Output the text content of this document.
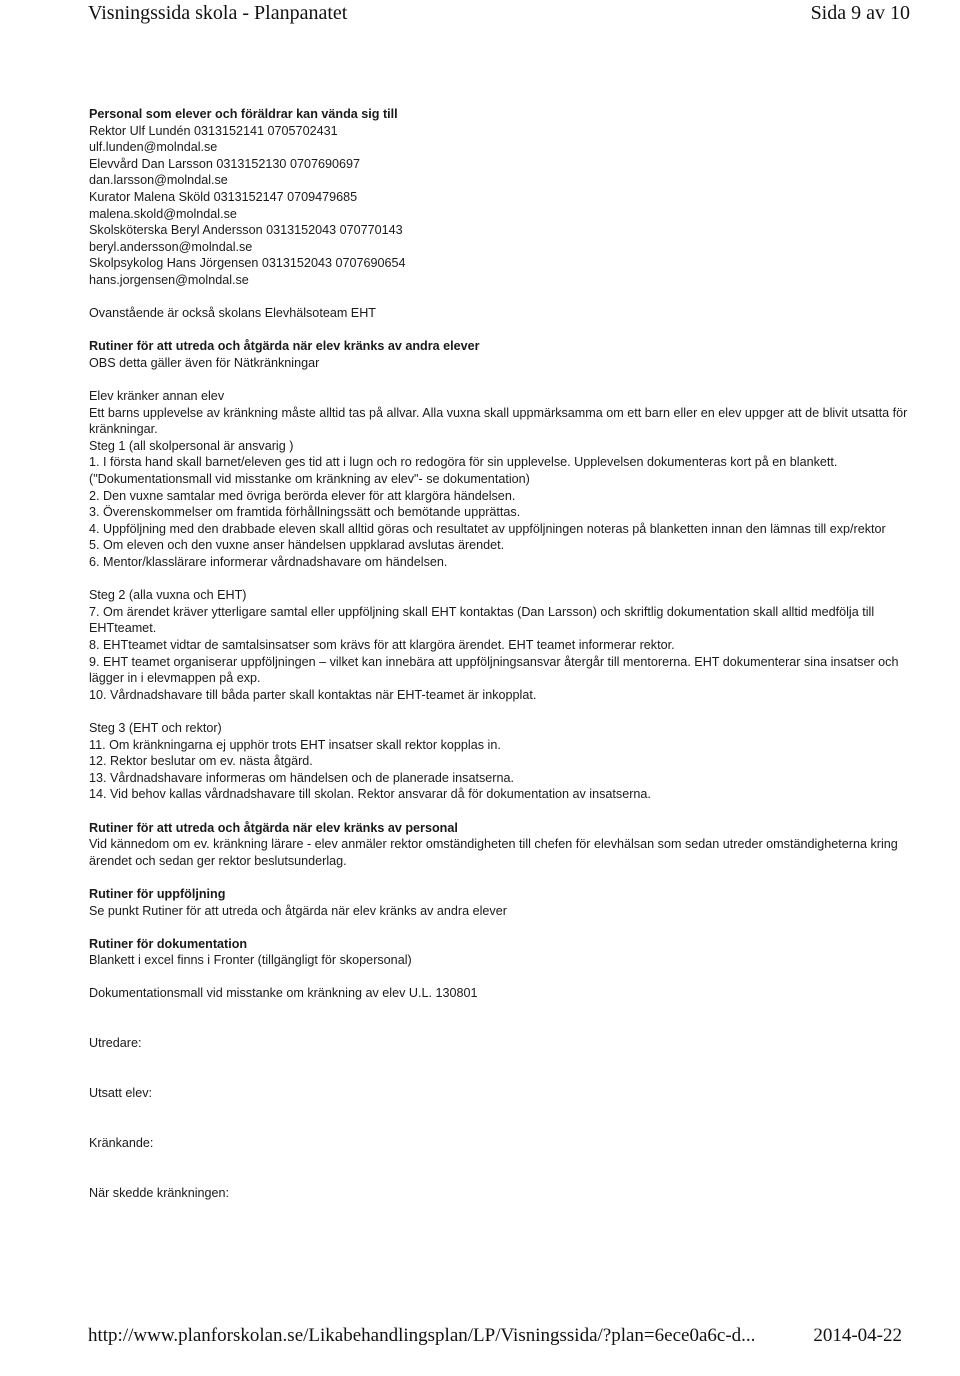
Visningssida skola - Planpanatet	Sida 9 av 10
Personal som elever och föräldrar kan vända sig till
Rektor Ulf Lundén 0313152141 0705702431
ulf.lunden@molndal.se
Elevvård Dan Larsson 0313152130 0707690697
dan.larsson@molndal.se
Kurator Malena Sköld 0313152147 0709479685
malena.skold@molndal.se
Skolsköterska Beryl Andersson 0313152043 070770143
beryl.andersson@molndal.se
Skolpsykolog Hans Jörgensen 0313152043 0707690654
hans.jorgensen@molndal.se
Ovanstående är också skolans Elevhälsoteam EHT
Rutiner för att utreda och åtgärda när elev kränks av andra elever
OBS detta gäller även för Nätkränkningar
Elev kränker annan elev
Ett barns upplevelse av kränkning måste alltid tas på allvar. Alla vuxna skall uppmärksamma om ett barn eller en elev uppger att de blivit utsatta för kränkningar.
Steg 1 (all skolpersonal är ansvarig )
1. I första hand skall barnet/eleven ges tid att i lugn och ro redogöra för sin upplevelse. Upplevelsen dokumenteras kort på en blankett. ("Dokumentationsmall vid misstanke om kränkning av elev"- se dokumentation)
2. Den vuxne samtalar med övriga berörda elever för att klargöra händelsen.
3. Överenskommelser om framtida förhållningssätt och bemötande upprättas.
4. Uppföljning med den drabbade eleven skall alltid göras och resultatet av uppföljningen noteras på blanketten innan den lämnas till exp/rektor
5. Om eleven och den vuxne anser händelsen uppklarad avslutas ärendet.
6. Mentor/klasslärare informerar vårdnadshavare om händelsen.
Steg 2 (alla vuxna och EHT)
7. Om ärendet kräver ytterligare samtal eller uppföljning skall EHT kontaktas (Dan Larsson) och skriftlig dokumentation skall alltid medfölja till EHTteamet.
8. EHTteamet vidtar de samtalsinsatser som krävs för att klargöra ärendet. EHT teamet informerar rektor.
9. EHT teamet organiserar uppföljningen – vilket kan innebära att uppföljningsansvar återgår till mentorerna. EHT dokumenterar sina insatser och lägger in i elevmappen på exp.
10. Vårdnadshavare till båda parter skall kontaktas när EHT-teamet är inkopplat.
Steg 3 (EHT och rektor)
11. Om kränkningarna ej upphör trots EHT insatser skall rektor kopplas in.
12. Rektor beslutar om ev. nästa åtgärd.
13. Vårdnadshavare informeras om händelsen och de planerade insatserna.
14. Vid behov kallas vårdnadshavare till skolan. Rektor ansvarar då för dokumentation av insatserna.
Rutiner för att utreda och åtgärda när elev kränks av personal
Vid kännedom om ev. kränkning lärare - elev anmäler rektor omständigheten till chefen för elevhälsan som sedan utreder omständigheterna kring ärendet och sedan ger rektor beslutsunderlag.
Rutiner för uppföljning
Se punkt Rutiner för att utreda och åtgärda när elev kränks av andra elever
Rutiner för dokumentation
Blankett i excel finns i Fronter (tillgängligt för skopersonal)
Dokumentationsmall vid misstanke om kränkning av elev U.L. 130801
Utredare:
Utsatt elev:
Kränkande:
När skedde kränkningen:
http://www.planforskolan.se/Likabehandlingsplan/LP/Visningssida/?plan=6ece0a6c-d...	2014-04-22
